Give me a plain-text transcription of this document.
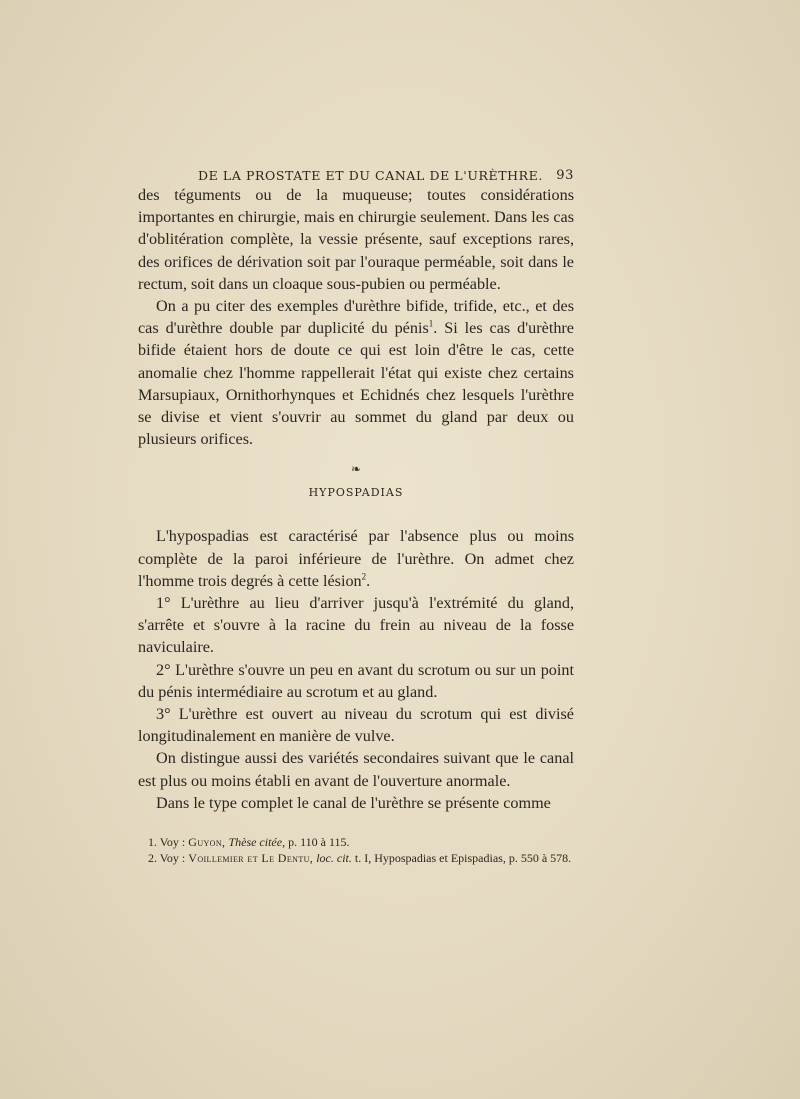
DE LA PROSTATE ET DU CANAL DE L'URÈTHRE. 93

des téguments ou de la muqueuse; toutes considérations importantes en chirurgie, mais en chirurgie seulement. Dans les cas d'oblitération complète, la vessie présente, sauf exceptions rares, des orifices de dérivation soit par l'ouraque perméable, soit dans le rectum, soit dans un cloaque sous-pubien ou perméable.

On a pu citer des exemples d'urèthre bifide, trifide, etc., et des cas d'urèthre double par duplicité du pénis$^1$. Si les cas d'urèthre bifide étaient hors de doute ce qui est loin d'être le cas, cette anomalie chez l'homme rappellerait l'état qui existe chez certains Marsupiaux, Ornithorhynques et Echidnés chez lesquels l'urèthre se divise et vient s'ouvrir au sommet du gland par deux ou plusieurs orifices.

❧
HYPOSPADIAS

L'hypospadias est caractérisé par l'absence plus ou moins complète de la paroi inférieure de l'urèthre. On admet chez l'homme trois degrés à cette lésion$^2$.

1° L'urèthre au lieu d'arriver jusqu'à l'extrémité du gland, s'arrête et s'ouvre à la racine du frein au niveau de la fosse naviculaire.

2° L'urèthre s'ouvre un peu en avant du scrotum ou sur un point du pénis intermédiaire au scrotum et au gland.

3° L'urèthre est ouvert au niveau du scrotum qui est divisé longitudinalement en manière de vulve.

On distingue aussi des variétés secondaires suivant que le canal est plus ou moins établi en avant de l'ouverture anormale.

Dans le type complet le canal de l'urèthre se présente comme

1. Voy : Guyon, Thèse citée, p. 110 à 115.
2. Voy : Voillemier et Le Dentu, loc. cit. t. I, Hypospadias et Epispadias, p. 550 à 578.
